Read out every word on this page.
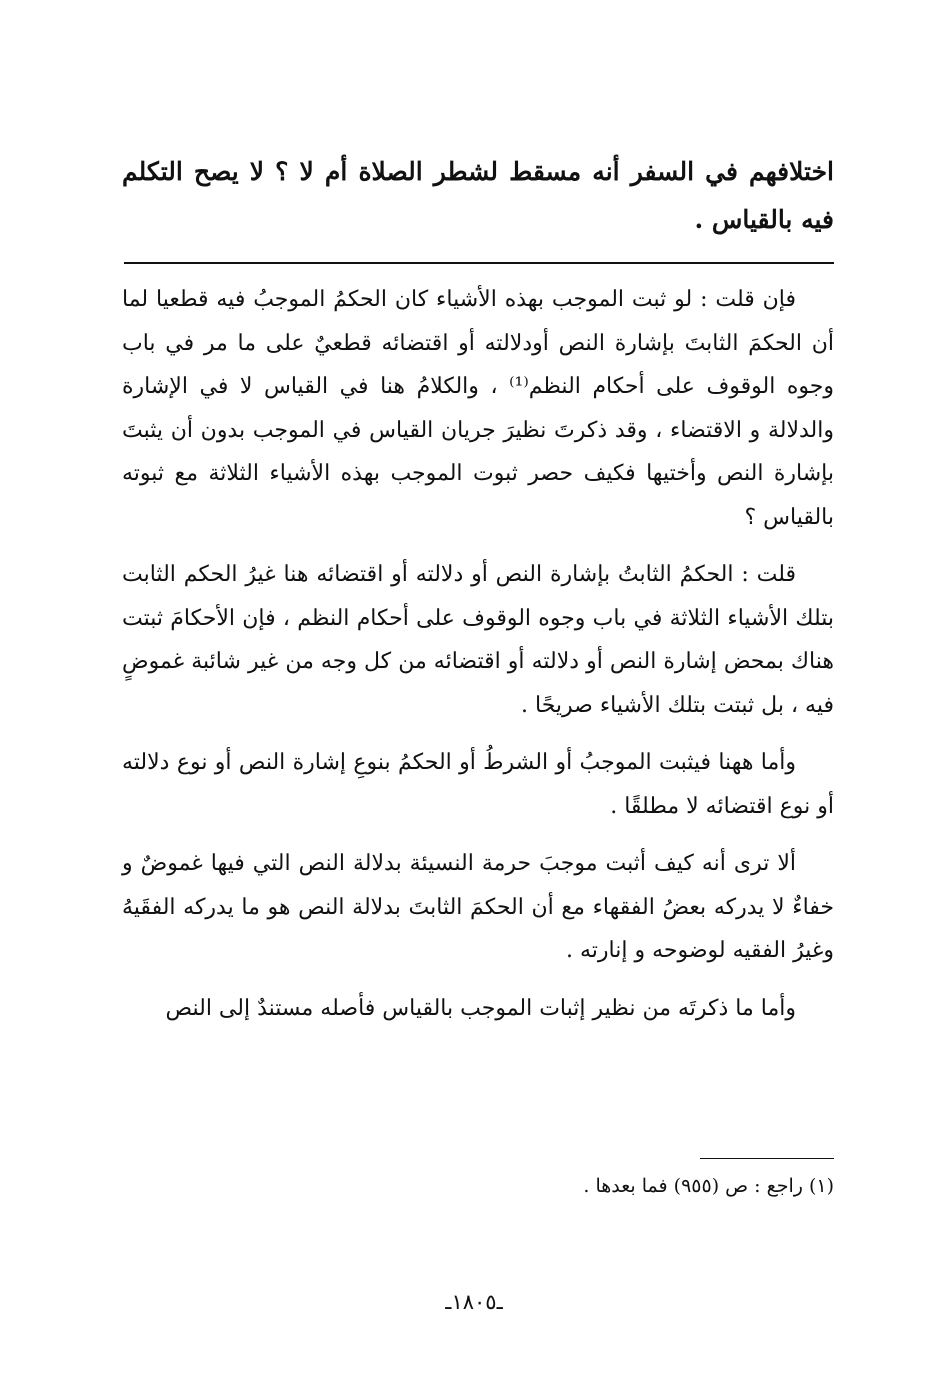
اختلافهم في السفر أنه مسقط لشطر الصلاة أم لا ؟ لا يصح التكلم فيه بالقياس .

فإن قلت : لو ثبت الموجب بهذه الأشياء كان الحكمُ الموجبُ فيه قطعيا لما أن الحكمَ الثابتَ بإشارة النص أودلالته أو اقتضائه قطعيٌ على ما مر في باب وجوه الوقوف على أحكام النظم⁽¹⁾ ، والكلامُ هنا في القياس لا في الإشارة والدلالة و الاقتضاء ، وقد ذكرتَ نظيرَ جريان القياس في الموجب بدون أن يثبتَ بإشارة النص وأختيها فكيف حصر ثبوت الموجب بهذه الأشياء الثلاثة مع ثبوته بالقياس ؟

قلت : الحكمُ الثابتُ بإشارة النص أو دلالته أو اقتضائه هنا غيرُ الحكم الثابت بتلك الأشياء الثلاثة في باب وجوه الوقوف على أحكام النظم ، فإن الأحكامَ ثبتت هناك بمحض إشارة النص أو دلالته أو اقتضائه من كل وجه من غير شائبة غموضٍ فيه ، بل ثبتت بتلك الأشياء صريحًا .

وأما ههنا فيثبت الموجبُ أو الشرطُ أو الحكمُ بنوعِ إشارة النص أو نوع دلالته أو نوع اقتضائه لا مطلقًا .

ألا ترى أنه كيف أثبت موجبَ حرمة النسيئة بدلالة النص التي فيها غموضٌ و خفاءٌ لا يدركه بعضُ الفقهاء مع أن الحكمَ الثابتَ بدلالة النص هو ما يدركه الفقَيهُ وغيرُ الفقيه لوضوحه و إنارته .

وأما ما ذكرتَه من نظير إثبات الموجب بالقياس فأصله مستندٌ إلى النص

(١) راجع : ص (٩٥٥) فما بعدها .
ـ١٨٠٥ـ
